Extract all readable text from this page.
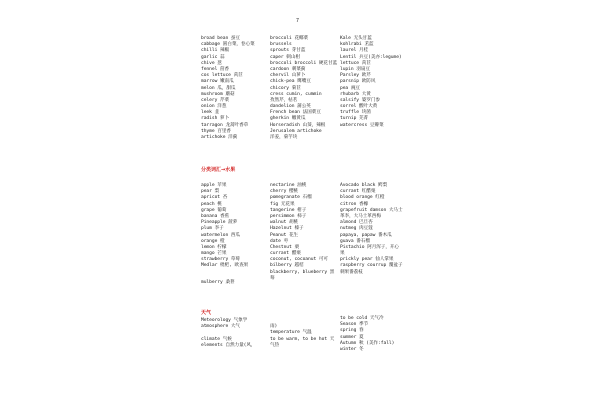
7
broad bean 蚕豆
cabbage 圆白菜，卷心菜
chilli 辣椒
garlic 蒜
chive 葱
fennel 茴香
cos lettuce 莴苣
marrow 嫩南瓜
melon 瓜，甜瓜
mushroom 蘑菇
celery 芹菜
onion 洋葱
leek 韭
radish 萝卜
tarragon 龙蒿叶香草
thyme 百里香
artichoke 洋蓟
broccoli 花椰菜
brussels
sprouts 芽甘蓝
caper 刺山柑
broccoli broccoli 硬花甘蓝
cardoon 刺菜蓟
chervil 山萝卜
chick-pea 鹰嘴豆
chicory 菊苣
cress cumin, cummin
孜然芹，枯茗
dandelion 蒲公英
French bean 法国菜豆
gherkin 嫩黄瓜
Horseradish 山葵，辣根
Jerusalem artichoke
洋姜，菊芋块
Kale 无头甘蓝
kohlrabi 苤蓝
laurel 月桂
Lentil 兵豆(美亦:legume)
lettuce 莴苣
lupin 羽扇豆
Parsley 欧芹
parsnip 欧防风
pea 豌豆
rhubarb 大黄
salsify 婆罗门参
sorrel 酸叶大黄
truffle 块菌
turnip 芜菁
watercress 豆瓣菜
分类词汇→水果
apple 苹果
pear 梨
apricot 杏
peach 桃
grape 葡萄
banana 香蕉
Pineapple 菠萝
plum 李子
watermelon 西瓜
orange 橙
lemon 柠檬
mango 芒果
strawberry 草莓
Medlar 枇杷, 欧查果
mulberry 桑葚
nectarine 油桃
cherry 樱桃
pomegranate 石榴
fig 无花果
tangerine 柑子
persimmon 柿子
walnut 胡桃
Hazelnut 榛子
Peanut 花生
date 枣
Chestnut 栗
currant 醋栗
coconut, cocoanut 可可
bilberry 越桔
blackberry, blueberry 黑
莓
Avocado black 鳄梨
currant 红醋栗
blood orange 红橙
citron 香橼
grapefruit damson 大马士
革李，大马士革西梅
almond 巴旦杏
nutmeg 肉豆蔻
papaya, papaw 番木瓜
guava 番石榴
Pistachio 阿月浑子，开心
果
prickly pear 仙人掌果
raspberry courrup 覆盆子
刺果番荔枝
天气
Meteorology 气象学
atmosphere 大气
climate 气候
elements 自然力量(风，
雨)
temperature 气温
to be warm, to be hot 天
气热
to be cold 天气冷
Season 季节
spring 春
summer 夏
Autumn 秋 (美作:fall)
winter 冬
